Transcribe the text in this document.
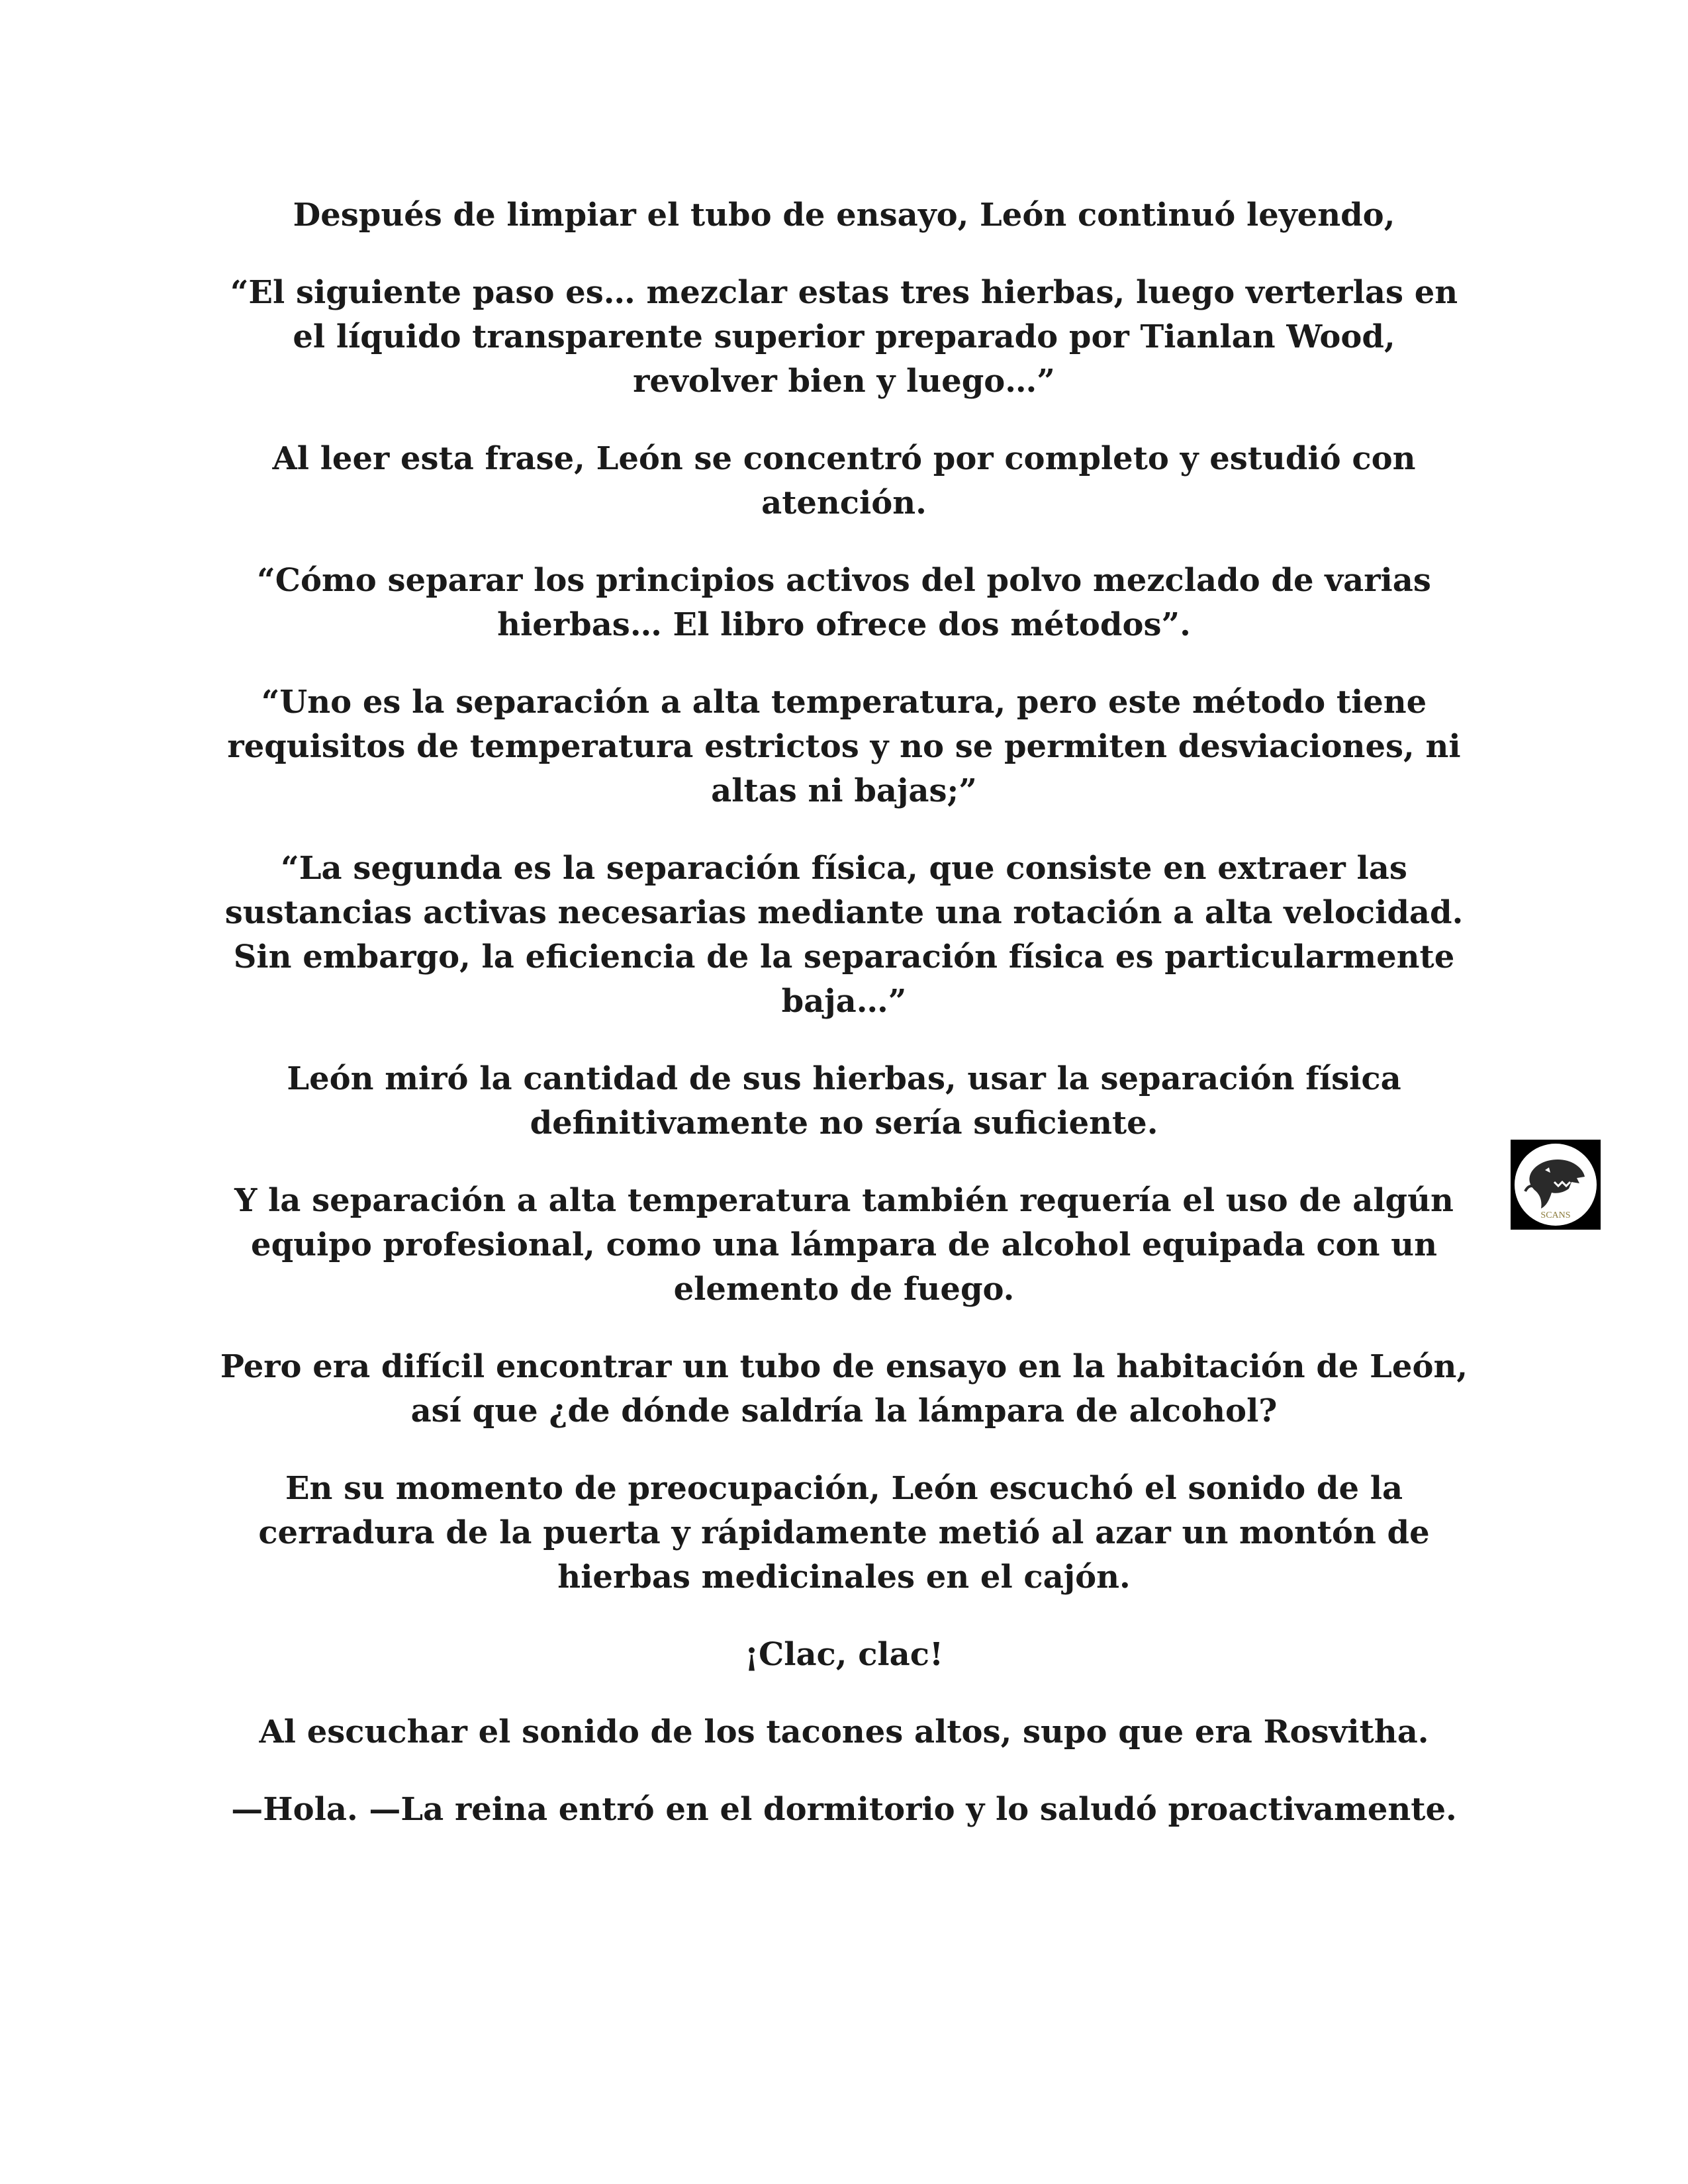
Después de limpiar el tubo de ensayo, León continuó leyendo,

“El siguiente paso es… mezclar estas tres hierbas, luego verterlas en el líquido transparente superior preparado por Tianlan Wood, revolver bien y luego…”

Al leer esta frase, León se concentró por completo y estudió con atención.

“Cómo separar los principios activos del polvo mezclado de varias hierbas… El libro ofrece dos métodos”.

“Uno es la separación a alta temperatura, pero este método tiene requisitos de temperatura estrictos y no se permiten desviaciones, ni altas ni bajas;”

“La segunda es la separación física, que consiste en extraer las sustancias activas necesarias mediante una rotación a alta velocidad. Sin embargo, la eficiencia de la separación física es particularmente baja…”

León miró la cantidad de sus hierbas, usar la separación física definitivamente no sería suficiente.

Y la separación a alta temperatura también requería el uso de algún equipo profesional, como una lámpara de alcohol equipada con un elemento de fuego.

Pero era difícil encontrar un tubo de ensayo en la habitación de León, así que ¿de dónde saldría la lámpara de alcohol?

En su momento de preocupación, León escuchó el sonido de la cerradura de la puerta y rápidamente metió al azar un montón de hierbas medicinales en el cajón.

¡Clac, clac!

Al escuchar el sonido de los tacones altos, supo que era Rosvitha.

—Hola. —La reina entró en el dormitorio y lo saludó proactivamente.

SCANS
